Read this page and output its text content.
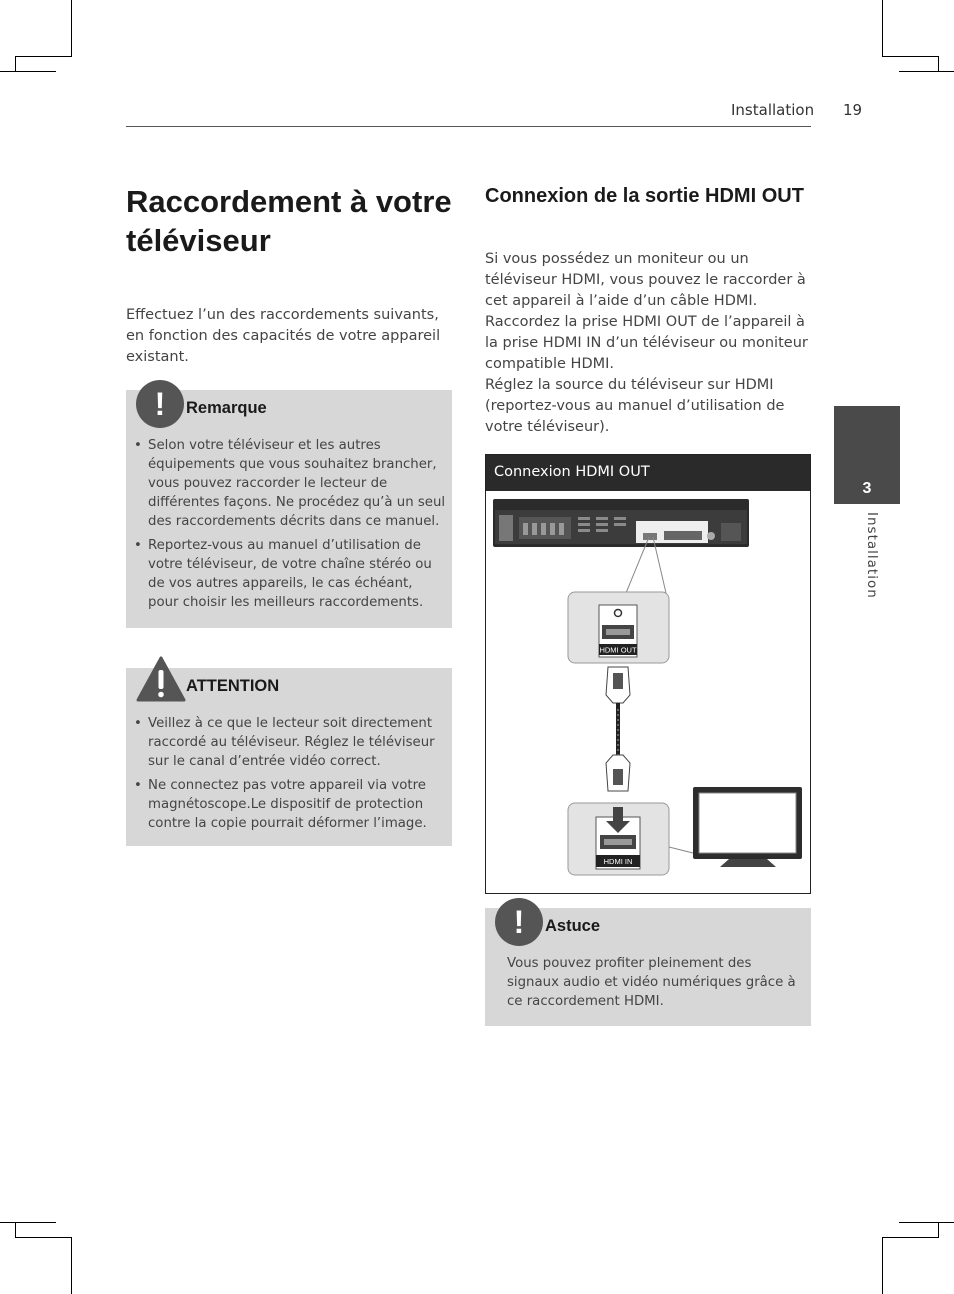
Installation 19
Raccordement à votre téléviseur

Effectuez l’un des raccordements suivants, en fonction des capacités de votre appareil existant.

!	Remarque
• Selon votre téléviseur et les autres équipements que vous souhaitez brancher, vous pouvez raccorder le lecteur de différentes façons. Ne procédez qu’à un seul des raccordements décrits dans ce manuel.
• Reportez-vous au manuel d’utilisation de votre téléviseur, de votre chaîne stéréo ou de vos autres appareils, le cas échéant, pour choisir les meilleurs raccordements.
ATTENTION
• Veillez à ce que le lecteur soit directement raccordé au téléviseur. Réglez le téléviseur sur le canal d’entrée vidéo correct.
• Ne connectez pas votre appareil via votre magnétoscope.Le dispositif de protection contre la copie pourrait déformer l’image.
Connexion de la sortie HDMI OUT

Si vous possédez un moniteur ou un téléviseur HDMI, vous pouvez le raccorder à cet appareil à l’aide d’un câble HDMI. Raccordez la prise HDMI OUT de l’appareil à la prise HDMI IN d’un téléviseur ou moniteur compatible HDMI.

Réglez la source du téléviseur sur HDMI (reportez-vous au manuel d’utilisation de votre téléviseur).

Connexion HDMI OUT
HDMI OUT
HDMI IN
!	Astuce
Vous pouvez profiter pleinement des signaux audio et vidéo numériques grâce à ce raccordement HDMI.
3
Installation
